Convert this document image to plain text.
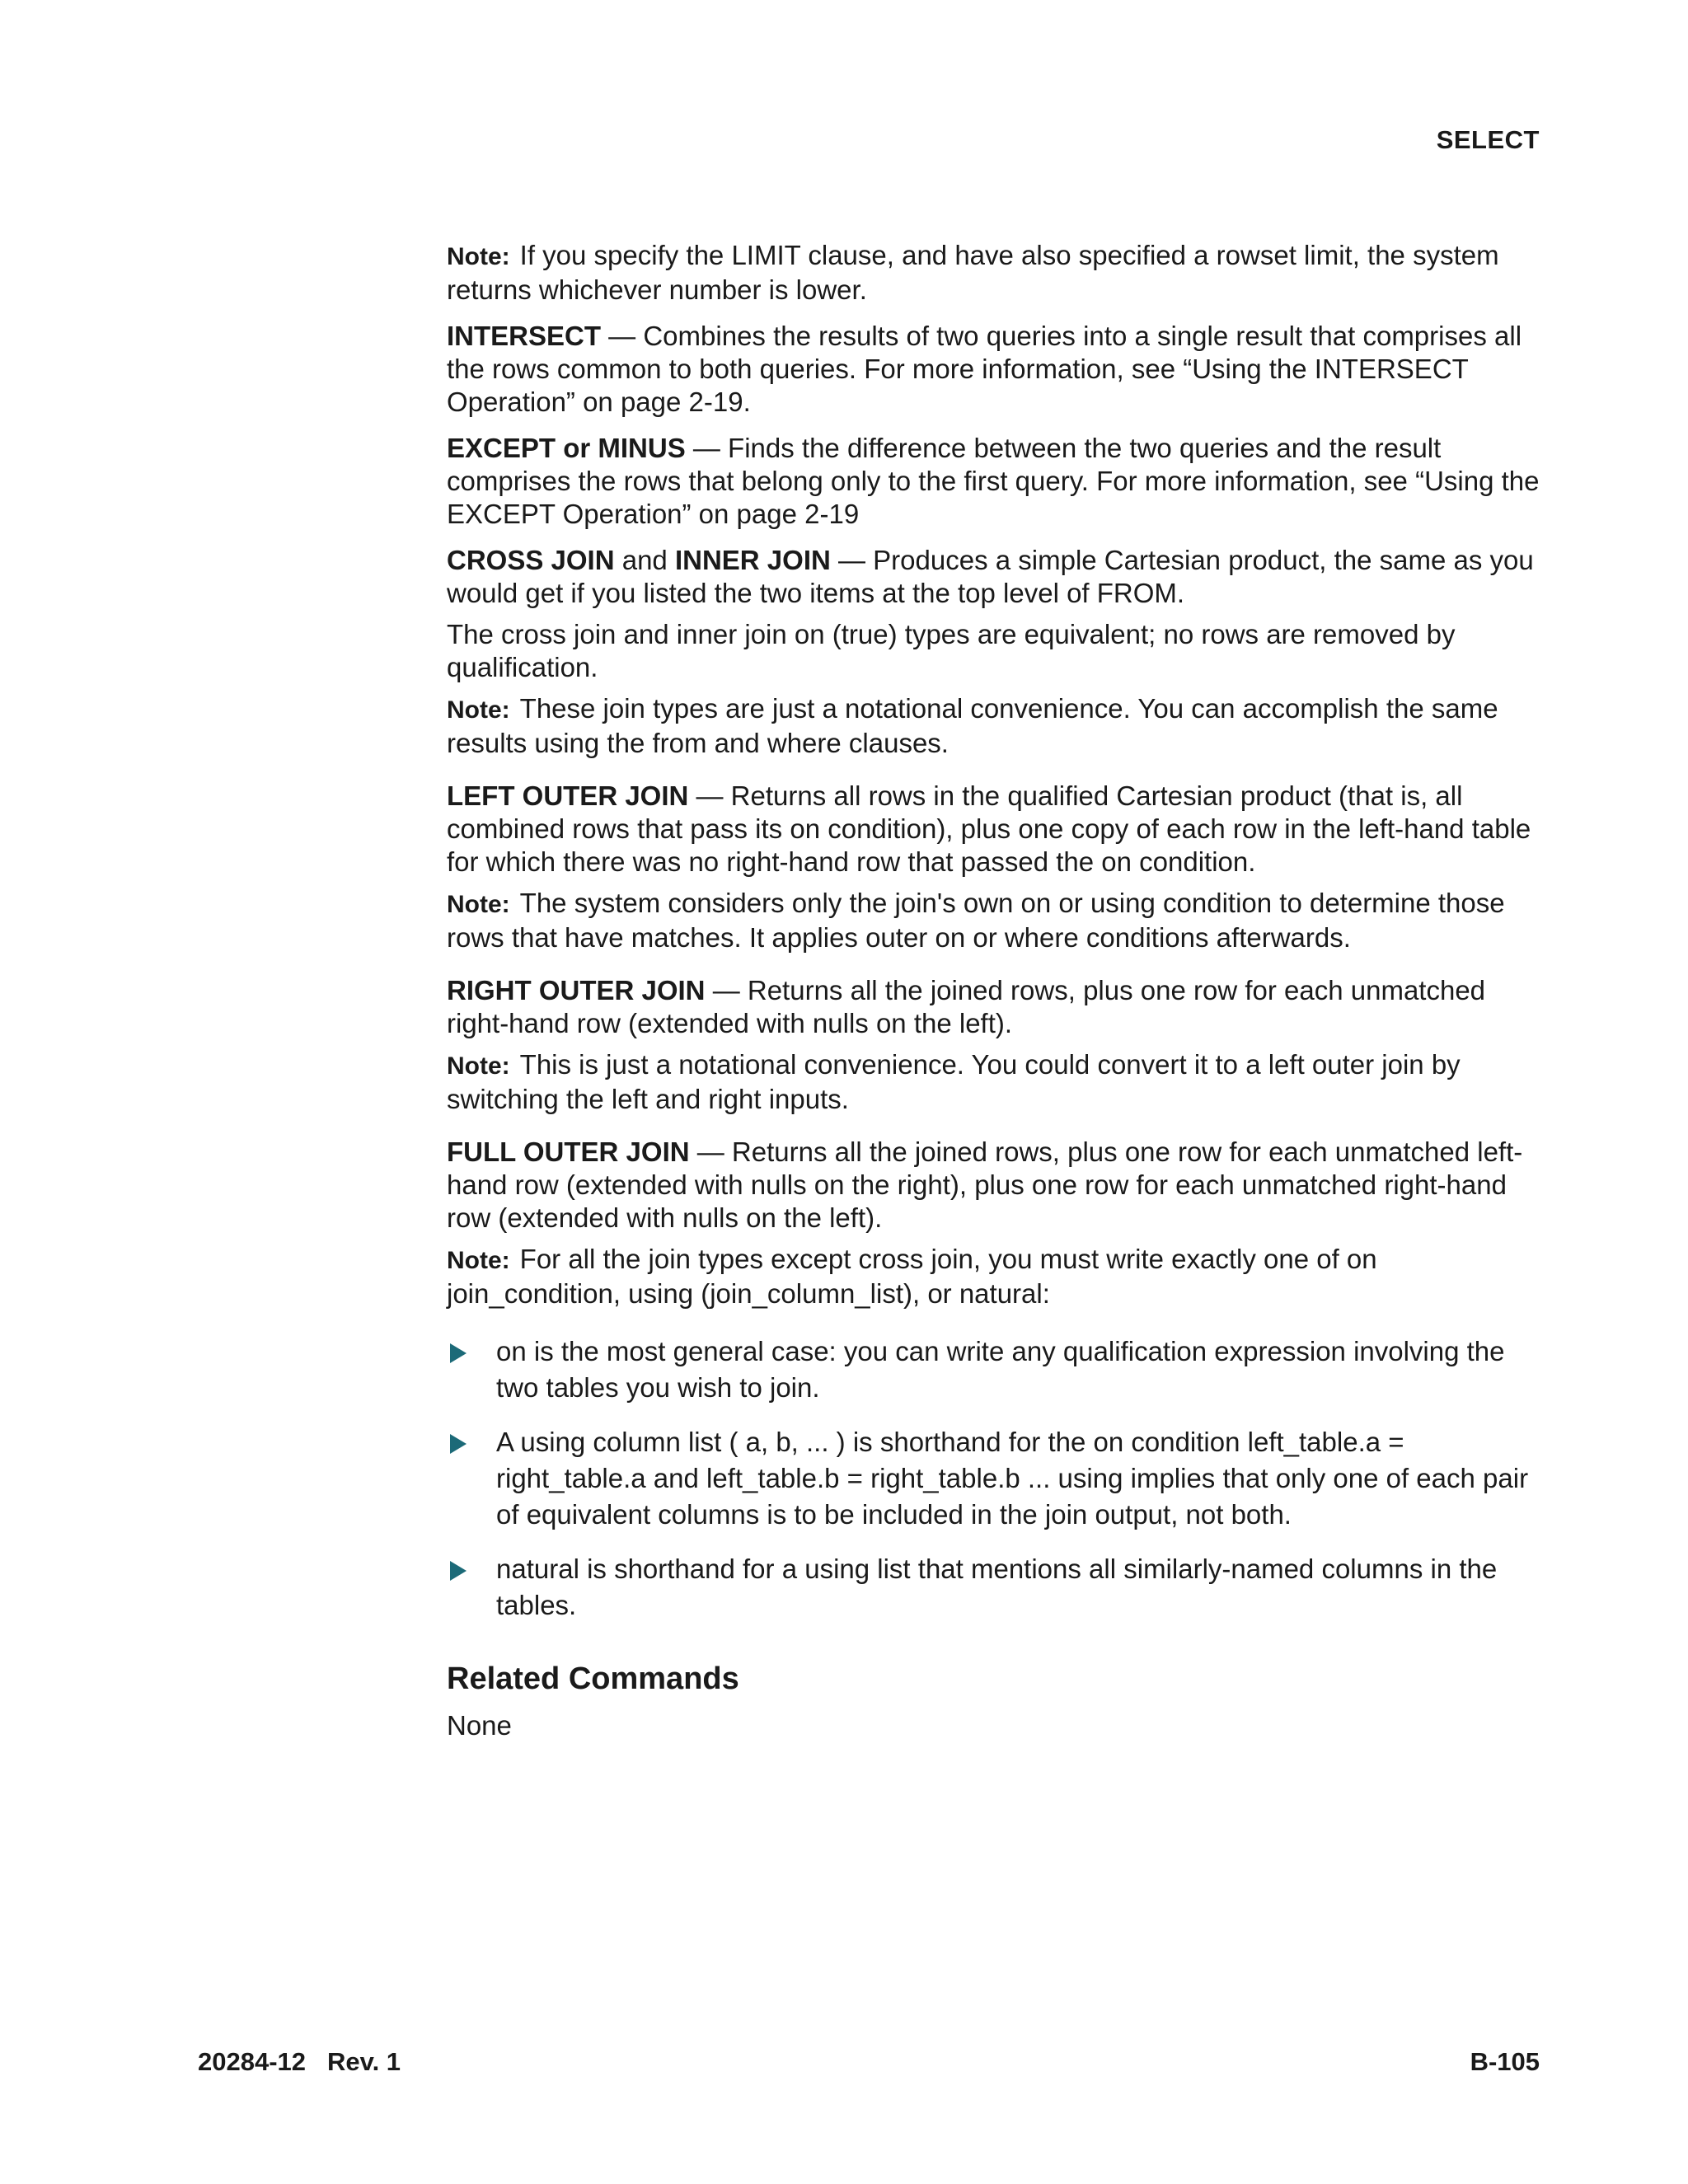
SELECT

Note: If you specify the LIMIT clause, and have also specified a rowset limit, the system returns whichever number is lower.

INTERSECT — Combines the results of two queries into a single result that comprises all the rows common to both queries. For more information, see “Using the INTERSECT Operation” on page 2-19.

EXCEPT or MINUS — Finds the difference between the two queries and the result comprises the rows that belong only to the first query. For more information, see “Using the EXCEPT Operation” on page 2-19

CROSS JOIN and INNER JOIN — Produces a simple Cartesian product, the same as you would get if you listed the two items at the top level of FROM.

The cross join and inner join on (true) types are equivalent; no rows are removed by qualification.

Note: These join types are just a notational convenience. You can accomplish the same results using the from and where clauses.

LEFT OUTER JOIN — Returns all rows in the qualified Cartesian product (that is, all combined rows that pass its on condition), plus one copy of each row in the left-hand table for which there was no right-hand row that passed the on condition.

Note: The system considers only the join's own on or using condition to determine those rows that have matches. It applies outer on or where conditions afterwards.

RIGHT OUTER JOIN — Returns all the joined rows, plus one row for each unmatched right-hand row (extended with nulls on the left).

Note: This is just a notational convenience. You could convert it to a left outer join by switching the left and right inputs.

FULL OUTER JOIN — Returns all the joined rows, plus one row for each unmatched left-hand row (extended with nulls on the right), plus one row for each unmatched right-hand row (extended with nulls on the left).

Note: For all the join types except cross join, you must write exactly one of on join_condition, using (join_column_list), or natural:

on is the most general case: you can write any qualification expression involving the two tables you wish to join.
A using column list ( a, b, ... ) is shorthand for the on condition left_table.a = right_table.a and left_table.b = right_table.b ... using implies that only one of each pair of equivalent columns is to be included in the join output, not both.
natural is shorthand for a using list that mentions all similarly-named columns in the tables.
Related Commands

None

20284-12 Rev. 1	B-105
